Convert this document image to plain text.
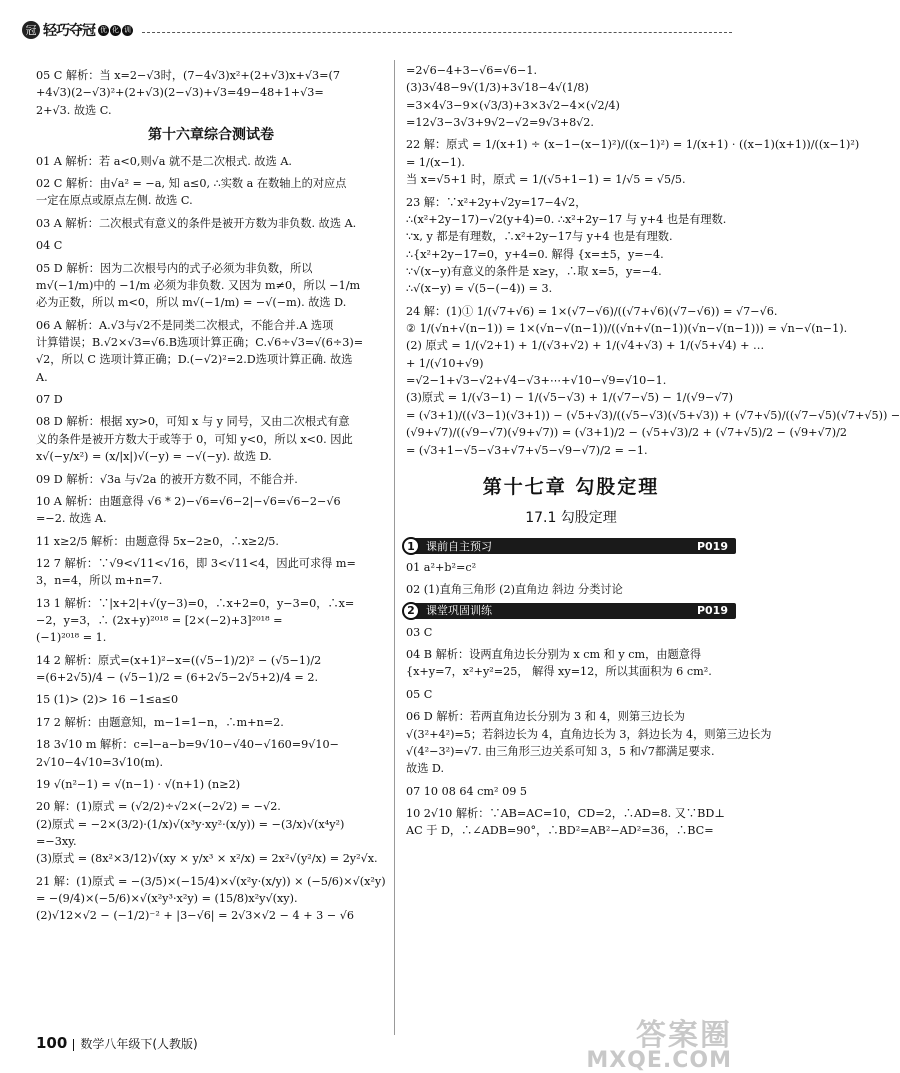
冠 轻巧夺冠 优 化 训
05 C 解析：当 x=2−√3时，(7−4√3)x²+(2+√3)x+√3=(7
+4√3)(2−√3)²+(2+√3)(2−√3)+√3=49−48+1+√3=
2+√3. 故选 C.
第十六章综合测试卷
01 A 解析：若 a<0,则√a 就不是二次根式. 故选 A.
02 C 解析：由√a² = −a, 知 a≤0, ∴实数 a 在数轴上的对应点
一定在原点或原点左侧. 故选 C.
03 A 解析：二次根式有意义的条件是被开方数为非负数. 故选 A.
04 C
05 D 解析：因为二次根号内的式子必须为非负数，所以
m√(−1/m)中的 −1/m 必须为非负数. 又因为 m≠0，所以 −1/m
必为正数，所以 m<0，所以 m√(−1/m) = −√(−m). 故选 D.
06 A 解析：A.√3与√2不是同类二次根式，不能合并.A 选项
计算错误；B.√2×√3=√6.B选项计算正确；C.√6÷√3=√(6÷3)=
√2，所以 C 选项计算正确；D.(−√2)²=2.D选项计算正确. 故选
A.
07 D
08 D 解析：根据 xy>0，可知 x 与 y 同号，又由二次根式有意
义的条件是被开方数大于或等于 0，可知 y<0，所以 x<0. 因此
x√(−y/x²) = (x/|x|)√(−y) = −√(−y). 故选 D.
09 D 解析：√3a 与√2a 的被开方数不同，不能合并.
10 A 解析：由题意得 √6 * 2)−√6=√6−2|−√6=√6−2−√6
=−2. 故选 A.
11 x≥2/5 解析：由题意得 5x−2≥0，∴x≥2/5.
12 7 解析：∵√9<√11<√16，即 3<√11<4，因此可求得 m=
3，n=4，所以 m+n=7.
13 1 解析：∵|x+2|+√(y−3)=0，∴x+2=0，y−3=0，∴x=
−2，y=3，∴ (2x+y)²⁰¹⁸ = [2×(−2)+3]²⁰¹⁸ =
(−1)²⁰¹⁸ = 1.
14 2 解析：原式=(x+1)²−x=((√5−1)/2)² − (√5−1)/2
=(6+2√5)/4 − (√5−1)/2 = (6+2√5−2√5+2)/4 = 2.
15 (1)> (2)> 16 −1≤a≤0
17 2 解析：由题意知，m−1=1−n，∴m+n=2.
18 3√10 m 解析：c=l−a−b=9√10−√40−√160=9√10−
2√10−4√10=3√10(m).
19 √(n²−1) = √(n−1) · √(n+1) (n≥2)
20 解：(1)原式 = (√2/2)÷√2×(−2√2) = −√2.
(2)原式 = −2×(3/2)·(1/x)√(x³y·xy²·(x/y)) = −(3/x)√(x⁴y²)
=−3xy.
(3)原式 = (8x²×3/12)√(xy × y/x³ × x²/x) = 2x²√(y²/x) = 2y²√x.
21 解：(1)原式 = −(3/5)×(−15/4)×√(x²y·(x/y)) × (−5/6)×√(x²y)
= −(9/4)×(−5/6)×√(x²y³·x²y) = (15/8)x²y√(xy).
(2)√12×√2 − (−1/2)⁻² + |3−√6| = 2√3×√2 − 4 + 3 − √6
=2√6−4+3−√6=√6−1.
(3)3√48−9√(1/3)+3√18−4√(1/8)
=3×4√3−9×(√3/3)+3×3√2−4×(√2/4)
=12√3−3√3+9√2−√2=9√3+8√2.
22 解：原式 = 1/(x+1) ÷ (x−1−(x−1)²)/((x−1)²) = 1/(x+1) · ((x−1)(x+1))/((x−1)²)
= 1/(x−1).
当 x=√5+1 时，原式 = 1/(√5+1−1) = 1/√5 = √5/5.
23 解：∵x²+2y+√2y=17−4√2，
∴(x²+2y−17)−√2(y+4)=0. ∴x²+2y−17 与 y+4 也是有理数.
∵x, y 都是有理数，∴x²+2y−17与 y+4 也是有理数.
∴{x²+2y−17=0，y+4=0. 解得 {x=±5，y=−4.
∵√(x−y)有意义的条件是 x≥y，∴取 x=5，y=−4.
∴√(x−y) = √(5−(−4)) = 3.
24 解：(1)① 1/(√7+√6) = 1×(√7−√6)/((√7+√6)(√7−√6)) = √7−√6.
② 1/(√n+√(n−1)) = 1×(√n−√(n−1))/((√n+√(n−1))(√n−√(n−1))) = √n−√(n−1).
(2) 原式 = 1/(√2+1) + 1/(√3+√2) + 1/(√4+√3) + 1/(√5+√4) + …
+ 1/(√10+√9)
=√2−1+√3−√2+√4−√3+⋯+√10−√9=√10−1.
(3)原式 = 1/(√3−1) − 1/(√5−√3) + 1/(√7−√5) − 1/(√9−√7)
= (√3+1)/((√3−1)(√3+1)) − (√5+√3)/((√5−√3)(√5+√3)) + (√7+√5)/((√7−√5)(√7+√5)) −
(√9+√7)/((√9−√7)(√9+√7)) = (√3+1)/2 − (√5+√3)/2 + (√7+√5)/2 − (√9+√7)/2
= (√3+1−√5−√3+√7+√5−√9−√7)/2 = −1.
第十七章 勾股定理
17.1 勾股定理
1	课前自主预习	P019
01 a²+b²=c²
02 (1)直角三角形 (2)直角边 斜边 分类讨论
2	课堂巩固训练	P019
03 C
04 B 解析：设两直角边长分别为 x cm 和 y cm，由题意得
{x+y=7，x²+y²=25， 解得 xy=12，所以其面积为 6 cm².
05 C
06 D 解析：若两直角边长分别为 3 和 4，则第三边长为
√(3²+4²)=5；若斜边长为 4，直角边长为 3，斜边长为 4，则第三边长为
√(4²−3²)=√7. 由三角形三边关系可知 3，5 和√7都满足要求.
故选 D.
07 10 08 64 cm² 09 5
10 2√10 解析：∵AB=AC=10，CD=2，∴AD=8. 又∵BD⊥
AC 于 D，∴∠ADB=90°，∴BD²=AB²−AD²=36，∴BC=
100 数学八年级下(人教版)	答案圈
MXQE.COM
